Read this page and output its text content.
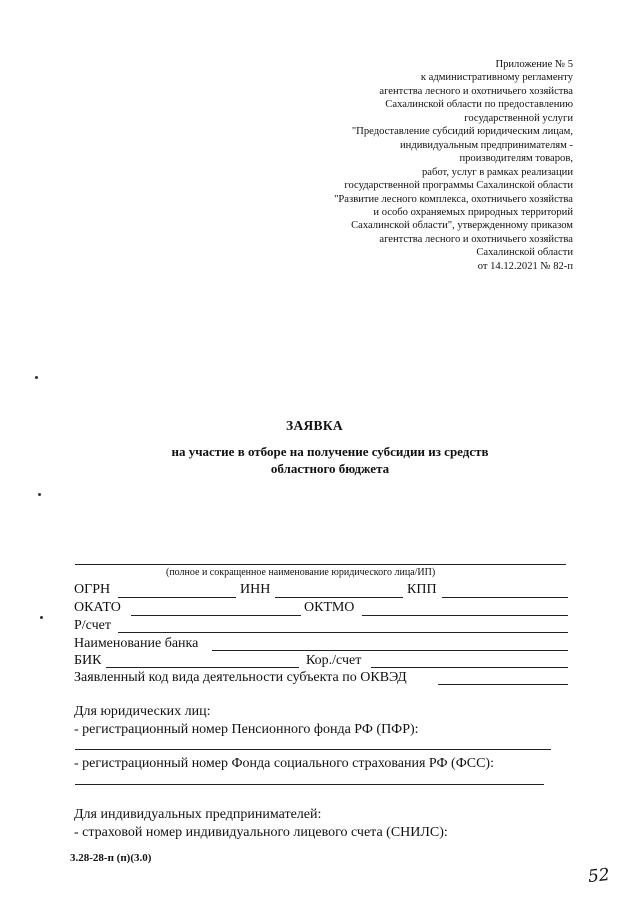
Приложение № 5
к административному регламенту
агентства лесного и охотничьего хозяйства
Сахалинской области по предоставлению
государственной услуги
"Предоставление субсидий юридическим лицам,
индивидуальным предпринимателям -
производителям товаров,
работ, услуг в рамках реализации
государственной программы Сахалинской области
"Развитие лесного комплекса, охотничьего хозяйства
и особо охраняемых природных территорий
Сахалинской области", утвержденному приказом
агентства лесного и охотничьего хозяйства
Сахалинской области
от 14.12.2021 № 82-п
ЗАЯВКА
на участие в отборе на получение субсидии из средств
областного бюджета
(полное и сокращенное наименование юридического лица/ИП)
ОГРН	ИНН	КПП
ОКАТО	ОКТМО
Р/счет
Наименование банка
БИК	Кор./счет
Заявленный код вида деятельности субъекта по ОКВЭД
Для юридических лиц:
- регистрационный номер Пенсионного фонда РФ (ПФР):
- регистрационный номер Фонда социального страхования РФ (ФСС):
Для индивидуальных предпринимателей:
- страховой номер индивидуального лицевого счета (СНИЛС):
3.28-28-п (п)(3.0)
52
